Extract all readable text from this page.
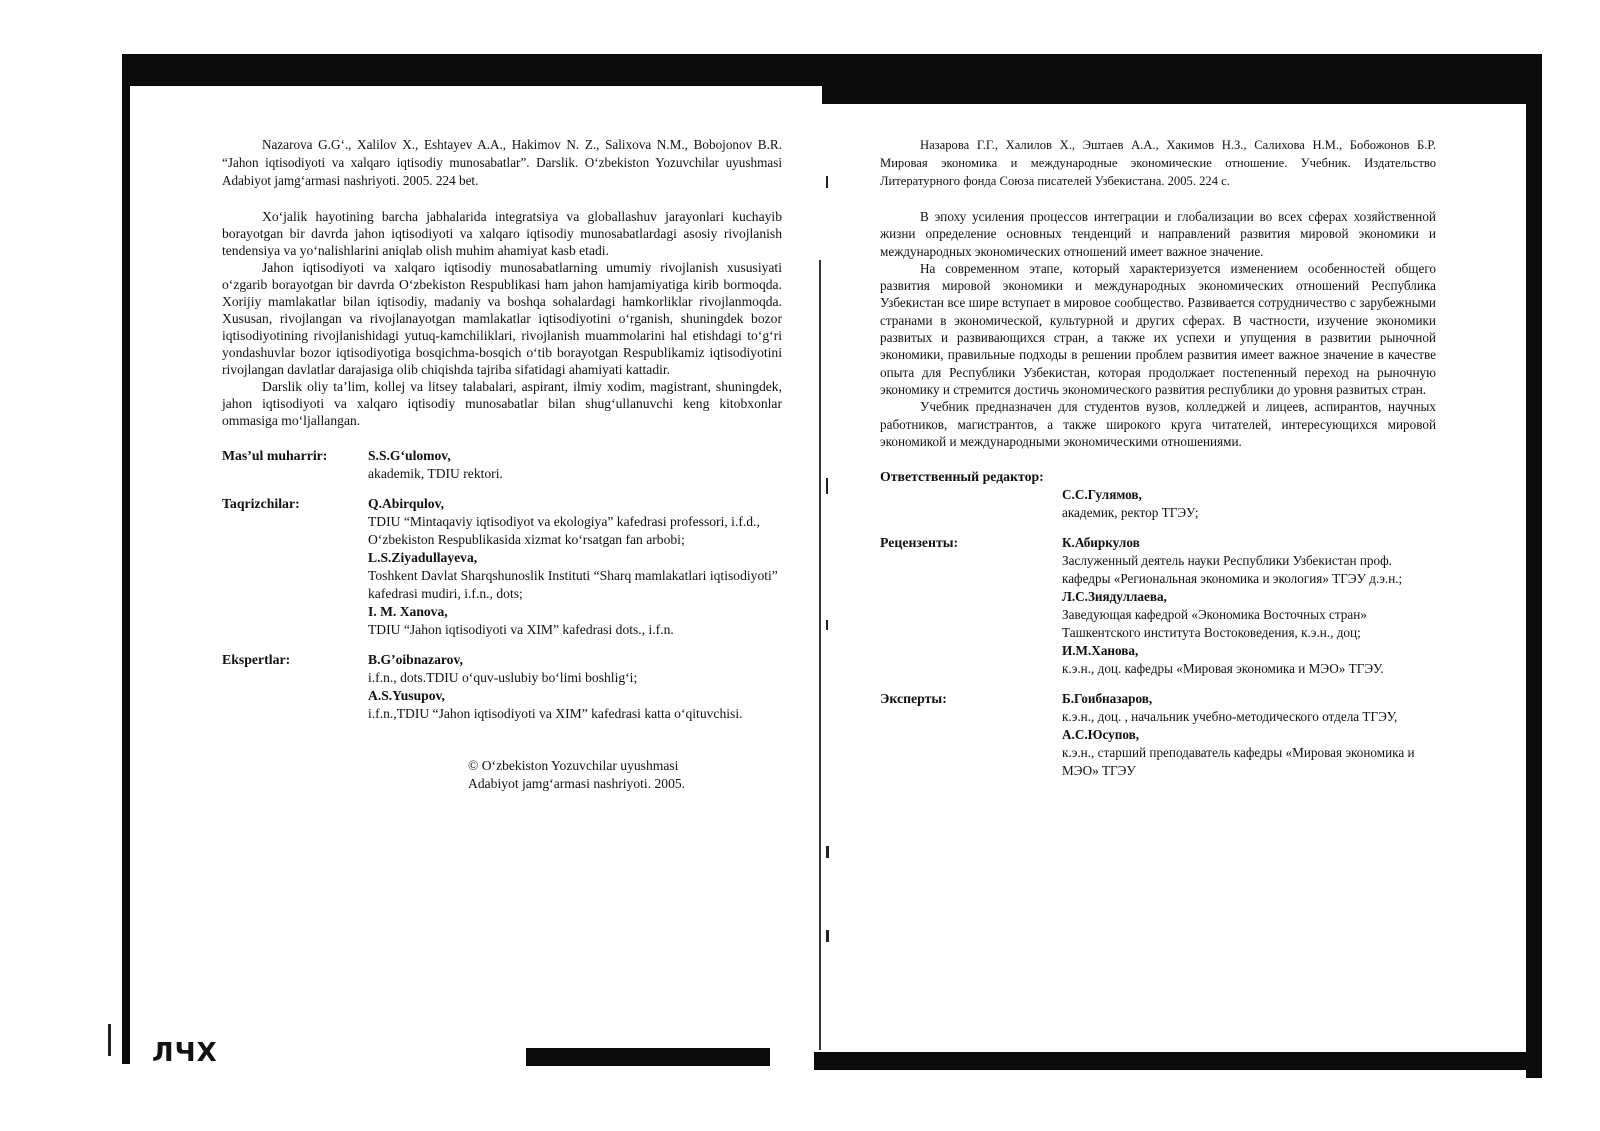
Nazarova G.G‘., Xalilov X., Eshtayev A.A., Hakimov N. Z., Salixova N.M., Bobojonov B.R. “Jahon iqtisodiyoti va xalqaro iqtisodiy munosabatlar”. Darslik. O‘zbekiston Yozuvchilar uyushmasi Adabiyot jamg‘armasi nashriyoti. 2005. 224 bet.

Xo‘jalik hayotining barcha jabhalarida integratsiya va globallashuv jarayonlari kuchayib borayotgan bir davrda jahon iqtisodiyoti va xalqaro iqtisodiy munosabatlardagi asosiy rivojlanish tendensiya va yo‘nalishlarini aniqlab olish muhim ahamiyat kasb etadi.

Jahon iqtisodiyoti va xalqaro iqtisodiy munosabatlarning umumiy rivojlanish xususiyati o‘zgarib borayotgan bir davrda O‘zbekiston Respublikasi ham jahon hamjamiyatiga kirib bormoqda. Xorijiy mamlakatlar bilan iqtisodiy, madaniy va boshqa sohalardagi hamkorliklar rivojlanmoqda. Xususan, rivojlangan va rivojlanayotgan mamlakatlar iqtisodiyotini o‘rganish, shuningdek bozor iqtisodiyotining rivojlanishidagi yutuq-kamchiliklari, rivojlanish muammolarini hal etishdagi to‘g‘ri yondashuvlar bozor iqtisodiyotiga bosqichma-bosqich o‘tib borayotgan Respublikamiz iqtisodiyotini rivojlangan davlatlar darajasiga olib chiqishda tajriba sifatidagi ahamiyati kattadir.

Darslik oliy ta’lim, kollej va litsey talabalari, aspirant, ilmiy xodim, magistrant, shuningdek, jahon iqtisodiyoti va xalqaro iqtisodiy munosabatlar bilan shug‘ullanuvchi keng kitobxonlar ommasiga mo‘ljallangan.

Mas’ul muharrir:	S.S.G‘ulomov,
akademik, TDIU rektori.
Taqrizchilar:	Q.Abirqulov,
TDIU “Mintaqaviy iqtisodiyot va ekologiya” kafedrasi professori, i.f.d., O‘zbekiston Respublikasida xizmat ko‘rsatgan fan arbobi;
L.S.Ziyadullayeva,
Toshkent Davlat Sharqshunoslik Instituti “Sharq mamlakatlari iqtisodiyoti” kafedrasi mudiri, i.f.n., dots;
I. M. Xanova,
TDIU “Jahon iqtisodiyoti va XIM” kafedrasi dots., i.f.n.
Ekspertlar:	B.G’oibnazarov,
i.f.n., dots.TDIU o‘quv-uslubiy bo‘limi boshlig‘i;
A.S.Yusupov,
i.f.n.,TDIU “Jahon iqtisodiyoti va XIM” kafedrasi katta o‘qituvchisi.
© O‘zbekiston Yozuvchilar uyushmasi
Adabiyot jamg‘armasi nashriyoti. 2005.
ЛЧХ

Назарова Г.Г., Халилов Х., Эштаев А.А., Хакимов Н.З., Салихова Н.М., Бобожонов Б.Р. Мировая экономика и международные экономические отношение. Учебник. Издательство Литературного фонда Союза писателей Узбекистана. 2005. 224 с.

В эпоху усиления процессов интеграции и глобализации во всех сферах хозяйственной жизни определение основных тенденций и направлений развития мировой экономики и международных экономических отношений имеет важное значение.

На современном этапе, который характеризуется изменением особенностей общего развития мировой экономики и международных экономических отношений Республика Узбекистан все шире вступает в мировое сообщество. Развивается сотрудничество с зарубежными странами в экономической, культурной и других сферах. В частности, изучение экономики развитых и развивающихся стран, а также их успехи и упущения в развитии рыночной экономики, правильные подходы в решении проблем развития имеет важное значение в качестве опыта для Республики Узбекистан, которая продолжает постепенный переход на рыночную экономику и стремится достичь экономического развития республики до уровня развитых стран.

Учебник предназначен для студентов вузов, колледжей и лицеев, аспирантов, научных работников, магистрантов, а также широкого круга читателей, интересующихся мировой экономикой и международными экономическими отношениями.

Ответственный редактор:
С.С.Гулямов,
академик, ректор ТГЭУ;
Рецензенты:	К.Абиркулов
Заслуженный деятель науки Республики Узбекистан проф. кафедры «Региональная экономика и экология» ТГЭУ д.э.н.;
Л.С.Зиядуллаева,
Заведующая кафедрой «Экономика Восточных стран» Ташкентского института Востоковедения, к.э.н., доц;
И.М.Ханова,
к.э.н., доц. кафедры «Мировая экономика и МЭО» ТГЭУ.
Эксперты:	Б.Гоибназаров,
к.э.н., доц. , начальник учебно-методического отдела ТГЭУ,
А.С.Юсупов,
к.э.н., старший преподаватель кафедры «Мировая экономика и МЭО» ТГЭУ
